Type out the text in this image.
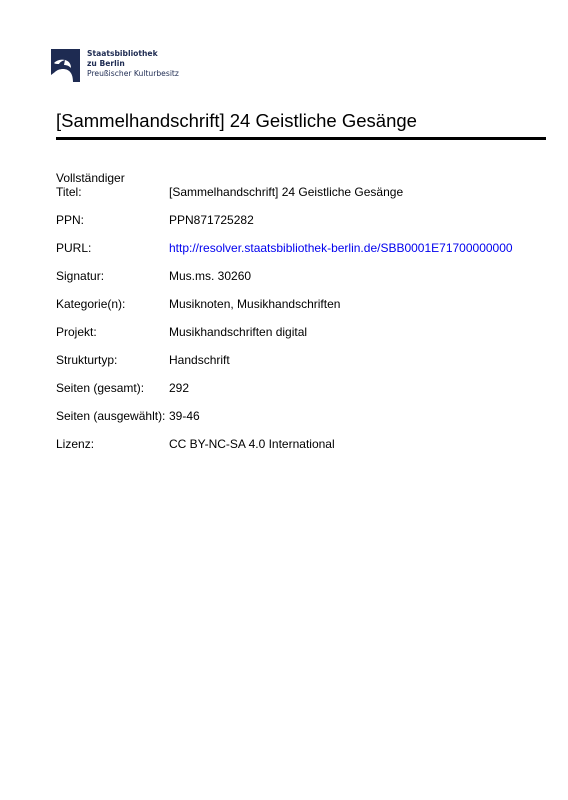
Staatsbibliothek
zu Berlin
Preußischer Kulturbesitz
[Sammelhandschrift] 24 Geistliche Gesänge
Vollständiger
Titel:	[Sammelhandschrift] 24 Geistliche Gesänge
PPN:	PPN871725282
PURL:	http://resolver.staatsbibliothek-berlin.de/SBB0001E71700000000
Signatur:	Mus.ms. 30260
Kategorie(n):	Musiknoten, Musikhandschriften
Projekt:	Musikhandschriften digital
Strukturtyp:	Handschrift
Seiten (gesamt):	292
Seiten (ausgewählt): 39-46
Lizenz:	CC BY-NC-SA 4.0 International
